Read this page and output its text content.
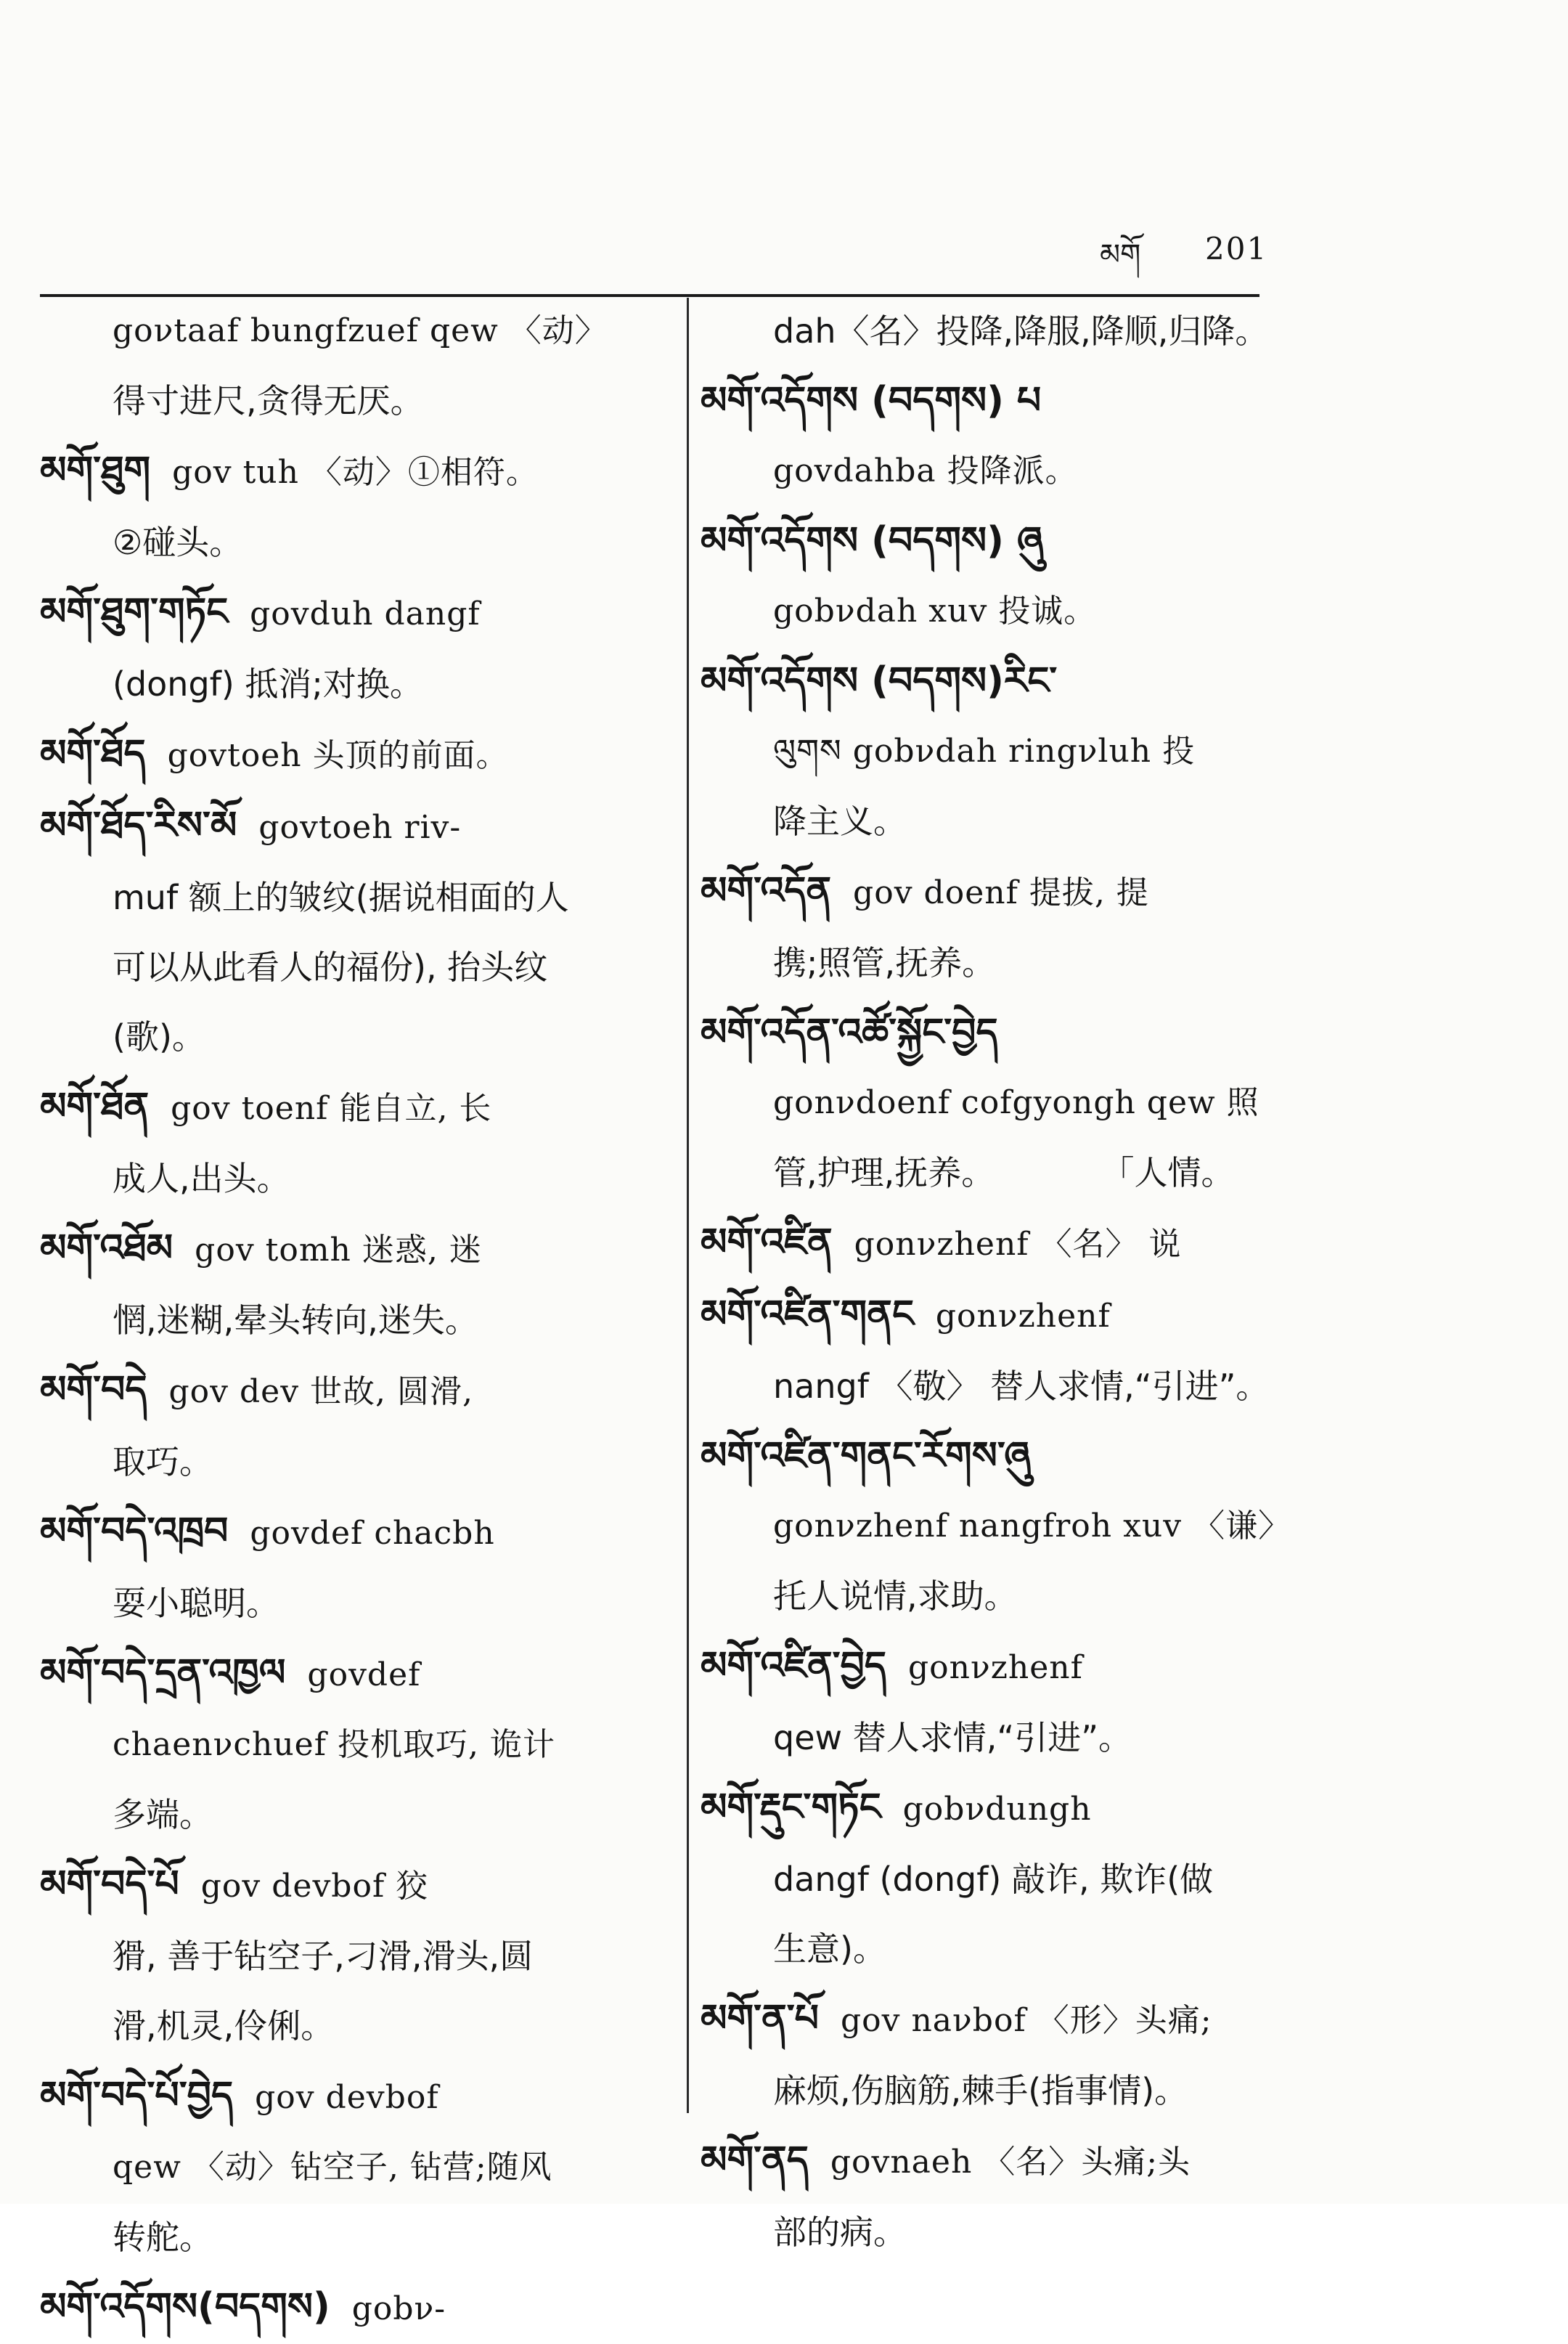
མགོ 201
goνtaaf bungfzuef qew 〈动〉
得寸进尺,贪得无厌。
མགོ་ཐུག gov tuh 〈动〉①相符。
②碰头。
མགོ་ཐུག་གཏོང govduh dangf
(dongf) 抵消;对换。
མགོ་ཐོད govtoeh 头顶的前面。
མགོ་ཐོད་རིས་མོ govtoeh riv-
muf 额上的皱纹(据说相面的人
可以从此看人的福份), 抬头纹
(歌)。
མགོ་ཐོན gov toenf 能自立, 长
成人,出头。
མགོ་འཐོམ gov tomh 迷惑, 迷
惘,迷糊,晕头转向,迷失。
མགོ་བདེ gov dev 世故, 圆滑,
取巧。
མགོ་བདེ་འཁྲབ govdef chacbh
耍小聪明。
མགོ་བདེ་དྲན་འཁྱལ govdef
chaenνchuef 投机取巧, 诡计
多端。
མགོ་བདེ་པོ gov devbof 狡
猾, 善于钻空子,刁滑,滑头,圆
滑,机灵,伶俐。
མགོ་བདེ་པོ་བྱེད gov devbof
qew 〈动〉钻空子, 钻营;随风
转舵。
མགོ་འདོགས(བདགས) gobν-
dah〈名〉投降,降服,降顺,归降。
མགོ་འདོགས (བདགས) པ
govdahba 投降派。
མགོ་འདོགས (བདགས) ཞུ
gobνdah xuv 投诚。
མགོ་འདོགས (བདགས)རིང་
ལུགས gobνdah ringνluh 投
降主义。
མགོ་འདོན gov doenf 提拔, 提
携;照管,抚养。
མགོ་འདོན་འཚོ་སྐྱོང་བྱེད
gonνdoenf cofgyongh qew 照
管,护理,抚养。          「人情。
མགོ་འཛིན gonνzhenf 〈名〉 说
མགོ་འཛིན་གནང gonνzhenf
nangf 〈敬〉 替人求情,“引进”。
མགོ་འཛིན་གནང་རོགས་ཞུ
gonνzhenf nangfroh xuv 〈谦〉
托人说情,求助。
མགོ་འཛིན་བྱེད gonνzhenf
qew 替人求情,“引进”。
མགོ་རྡུང་གཏོང gobνdungh
dangf (dongf) 敲诈, 欺诈(做
生意)。
མགོ་ན་པོ gov naνbof 〈形〉头痛;
麻烦,伤脑筋,棘手(指事情)。
མགོ་ནད govnaeh 〈名〉头痛;头
部的病。
